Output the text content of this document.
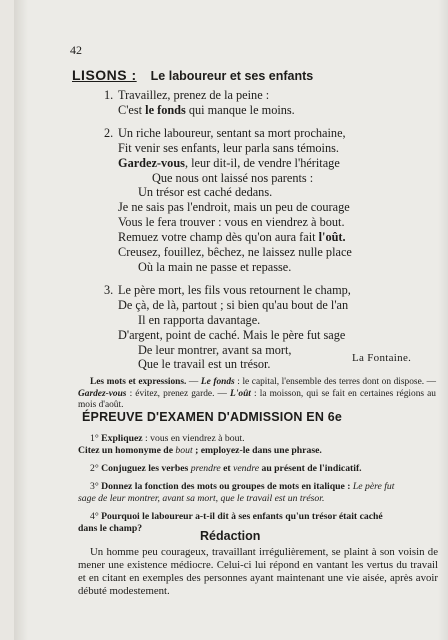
42
LISONS : Le laboureur et ses enfants
1. Travaillez, prenez de la peine :
C'est le fonds qui manque le moins.
2. Un riche laboureur, sentant sa mort prochaine,
Fit venir ses enfants, leur parla sans témoins.
Gardez-vous, leur dit-il, de vendre l'héritage
Que nous ont laissé nos parents :
Un trésor est caché dedans.
Je ne sais pas l'endroit, mais un peu de courage
Vous le fera trouver : vous en viendrez à bout.
Remuez votre champ dès qu'on aura fait l'oût.
Creusez, fouillez, bêchez, ne laissez nulle place
Où la main ne passe et repasse.
3. Le père mort, les fils vous retournent le champ,
De çà, de là, partout ; si bien qu'au bout de l'an
Il en rapporta davantage.
D'argent, point de caché. Mais le père fut sage
De leur montrer, avant sa mort,
Que le travail est un trésor.	La Fontaine.
Les mots et expressions. — Le fonds : le capital, l'ensemble des terres dont on dispose. — Gardez-vous : évitez, prenez garde. — L'oût : la moisson, qui se fait en certaines régions au mois d'août.
ÉPREUVE D'EXAMEN D'ADMISSION EN 6e
1° Expliquez : vous en viendrez à bout.
Citez un homonyme de bout ; employez-le dans une phrase.
2° Conjuguez les verbes prendre et vendre au présent de l'indicatif.
3° Donnez la fonction des mots ou groupes de mots en italique : Le père fut
sage de leur montrer, avant sa mort, que le travail est un trésor.
4° Pourquoi le laboureur a-t-il dit à ses enfants qu'un trésor était caché
dans le champ?
Rédaction
Un homme peu courageux, travaillant irrégulièrement, se plaint à son voisin de mener une existence médiocre. Celui-ci lui répond en vantant les vertus du travail et en citant en exemples des personnes ayant maintenant une vie aisée, après avoir débuté modestement.
